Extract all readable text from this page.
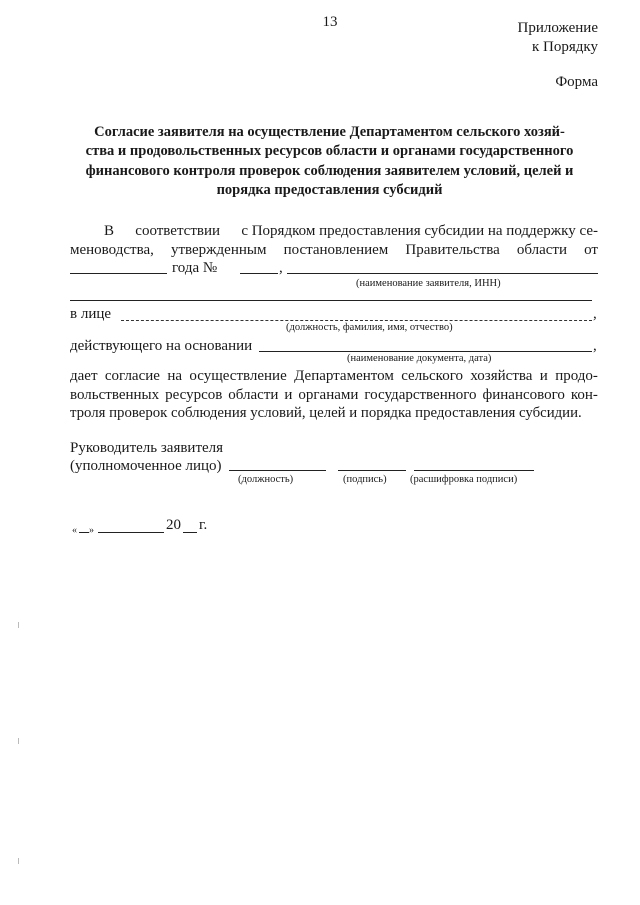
13	Приложение
к Порядку
Форма
Согласие заявителя на осуществление Департаментом сельского хозяй-
ства и продовольственных ресурсов области и органами государственного
финансового контроля проверок соблюдения заявителем условий, целей и
порядка предоставления субсидий
В соответствии с Порядком предоставления субсидии на поддержку се-
меноводства, утвержденным постановлением Правительства области от
года №	,
(наименование заявителя, ИНН)
в лице	,
(должность, фамилия, имя, отчество)
действующего на основании	,
(наименование документа, дата)
дает согласие на осуществление Департаментом сельского хозяйства и продо-
вольственных ресурсов области и органами государственного финансового кон-
троля проверок соблюдения условий, целей и порядка предоставления субсидии.
Руководитель заявителя
(уполномоченное лицо)
(должность)	(подпись) (расшифровка подписи)
« »	20 г.
